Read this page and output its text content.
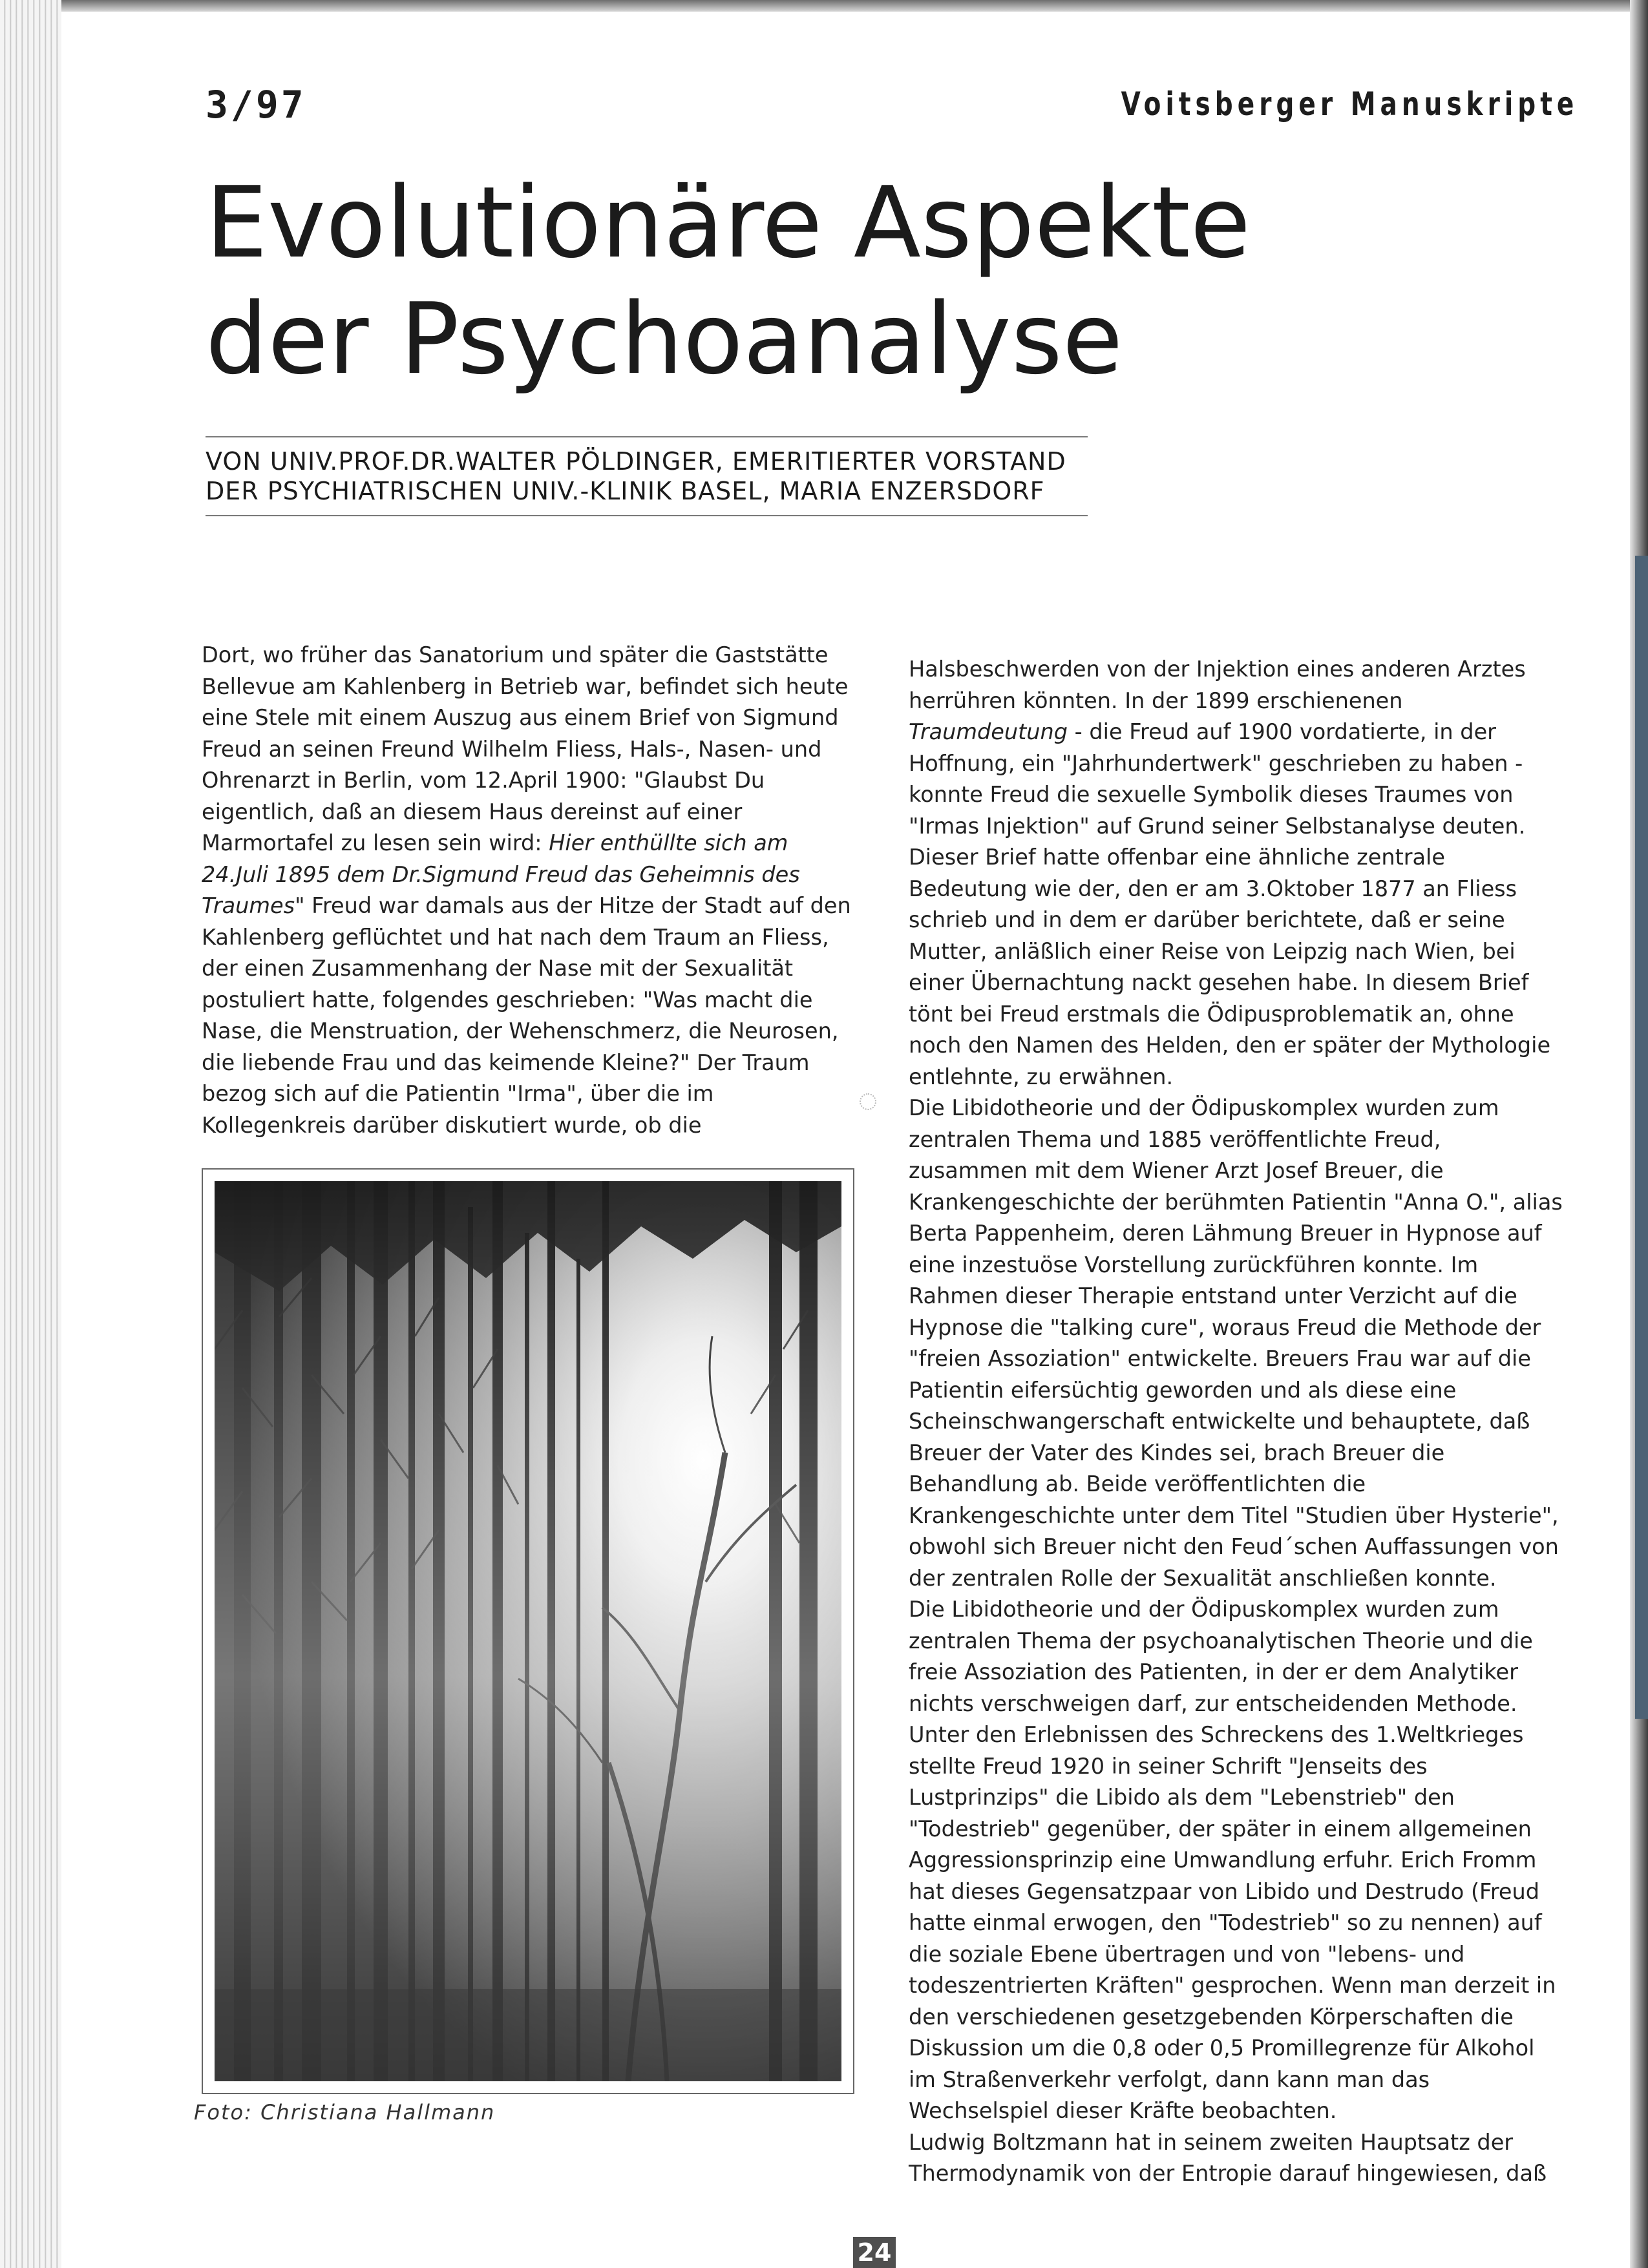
3/97	Voitsberger Manuskripte
Evolutionäre Aspekte
der Psychoanalyse

VON UNIV.PROF.DR.WALTER PÖLDINGER, EMERITIERTER VORSTAND
DER PSYCHIATRISCHEN UNIV.-KLINIK BASEL, MARIA ENZERSDORF

Dort, wo früher das Sanatorium und später die Gaststätte Bellevue am Kahlenberg in Betrieb war, befindet sich heute eine Stele mit einem Auszug aus einem Brief von Sigmund Freud an seinen Freund Wilhelm Fliess, Hals-, Nasen- und Ohrenarzt in Berlin, vom 12.April 1900: "Glaubst Du eigentlich, daß an diesem Haus dereinst auf einer Marmortafel zu lesen sein wird: Hier enthüllte sich am 24.Juli 1895 dem Dr.Sigmund Freud das Geheimnis des Traumes" Freud war damals aus der Hitze der Stadt auf den Kahlenberg geflüchtet und hat nach dem Traum an Fliess, der einen Zusammenhang der Nase mit der Sexualität postuliert hatte, folgendes geschrieben: "Was macht die Nase, die Menstruation, der Wehenschmerz, die Neurosen, die liebende Frau und das keimende Kleine?" Der Traum bezog sich auf die Patientin "Irma", über die im Kollegenkreis darüber diskutiert wurde, ob die

Foto: Christiana Hallmann

Halsbeschwerden von der Injektion eines anderen Arztes herrühren könnten. In der 1899 erschienenen Traumdeutung - die Freud auf 1900 vordatierte, in der Hoffnung, ein "Jahrhundertwerk" geschrieben zu haben - konnte Freud die sexuelle Symbolik dieses Traumes von "Irmas Injektion" auf Grund seiner Selbstanalyse deuten. Dieser Brief hatte offenbar eine ähnliche zentrale Bedeutung wie der, den er am 3.Oktober 1877 an Fliess schrieb und in dem er darüber berichtete, daß er seine Mutter, anläßlich einer Reise von Leipzig nach Wien, bei einer Übernachtung nackt gesehen habe. In diesem Brief tönt bei Freud erstmals die Ödipusproblematik an, ohne noch den Namen des Helden, den er später der Mythologie entlehnte, zu erwähnen.

Die Libidotheorie und der Ödipuskomplex wurden zum zentralen Thema und 1885 veröffentlichte Freud, zusammen mit dem Wiener Arzt Josef Breuer, die Krankengeschichte der berühmten Patientin "Anna O.", alias Berta Pappenheim, deren Lähmung Breuer in Hypnose auf eine inzestuöse Vorstellung zurückführen konnte. Im Rahmen dieser Therapie entstand unter Verzicht auf die Hypnose die "talking cure", woraus Freud die Methode der "freien Assoziation" entwickelte. Breuers Frau war auf die Patientin eifersüchtig geworden und als diese eine Scheinschwangerschaft entwickelte und behauptete, daß Breuer der Vater des Kindes sei, brach Breuer die Behandlung ab. Beide veröffentlichten die Krankengeschichte unter dem Titel "Studien über Hysterie", obwohl sich Breuer nicht den Feud´schen Auffassungen von der zentralen Rolle der Sexualität anschließen konnte.

Die Libidotheorie und der Ödipuskomplex wurden zum zentralen Thema der psychoanalytischen Theorie und die freie Assoziation des Patienten, in der er dem Analytiker nichts verschweigen darf, zur entscheidenden Methode. Unter den Erlebnissen des Schreckens des 1.Weltkrieges stellte Freud 1920 in seiner Schrift "Jenseits des Lustprinzips" die Libido als dem "Lebenstrieb" den "Todestrieb" gegenüber, der später in einem allgemeinen Aggressionsprinzip eine Umwandlung erfuhr. Erich Fromm hat dieses Gegensatzpaar von Libido und Destrudo (Freud hatte einmal erwogen, den "Todestrieb" so zu nennen) auf die soziale Ebene übertragen und von "lebens- und todeszentrierten Kräften" gesprochen. Wenn man derzeit in den verschiedenen gesetzgebenden Körperschaften die Diskussion um die 0,8 oder 0,5 Promillegrenze für Alkohol im Straßenverkehr verfolgt, dann kann man das Wechselspiel dieser Kräfte beobachten.

Ludwig Boltzmann hat in seinem zweiten Hauptsatz der Thermodynamik von der Entropie darauf hingewiesen, daß

24
